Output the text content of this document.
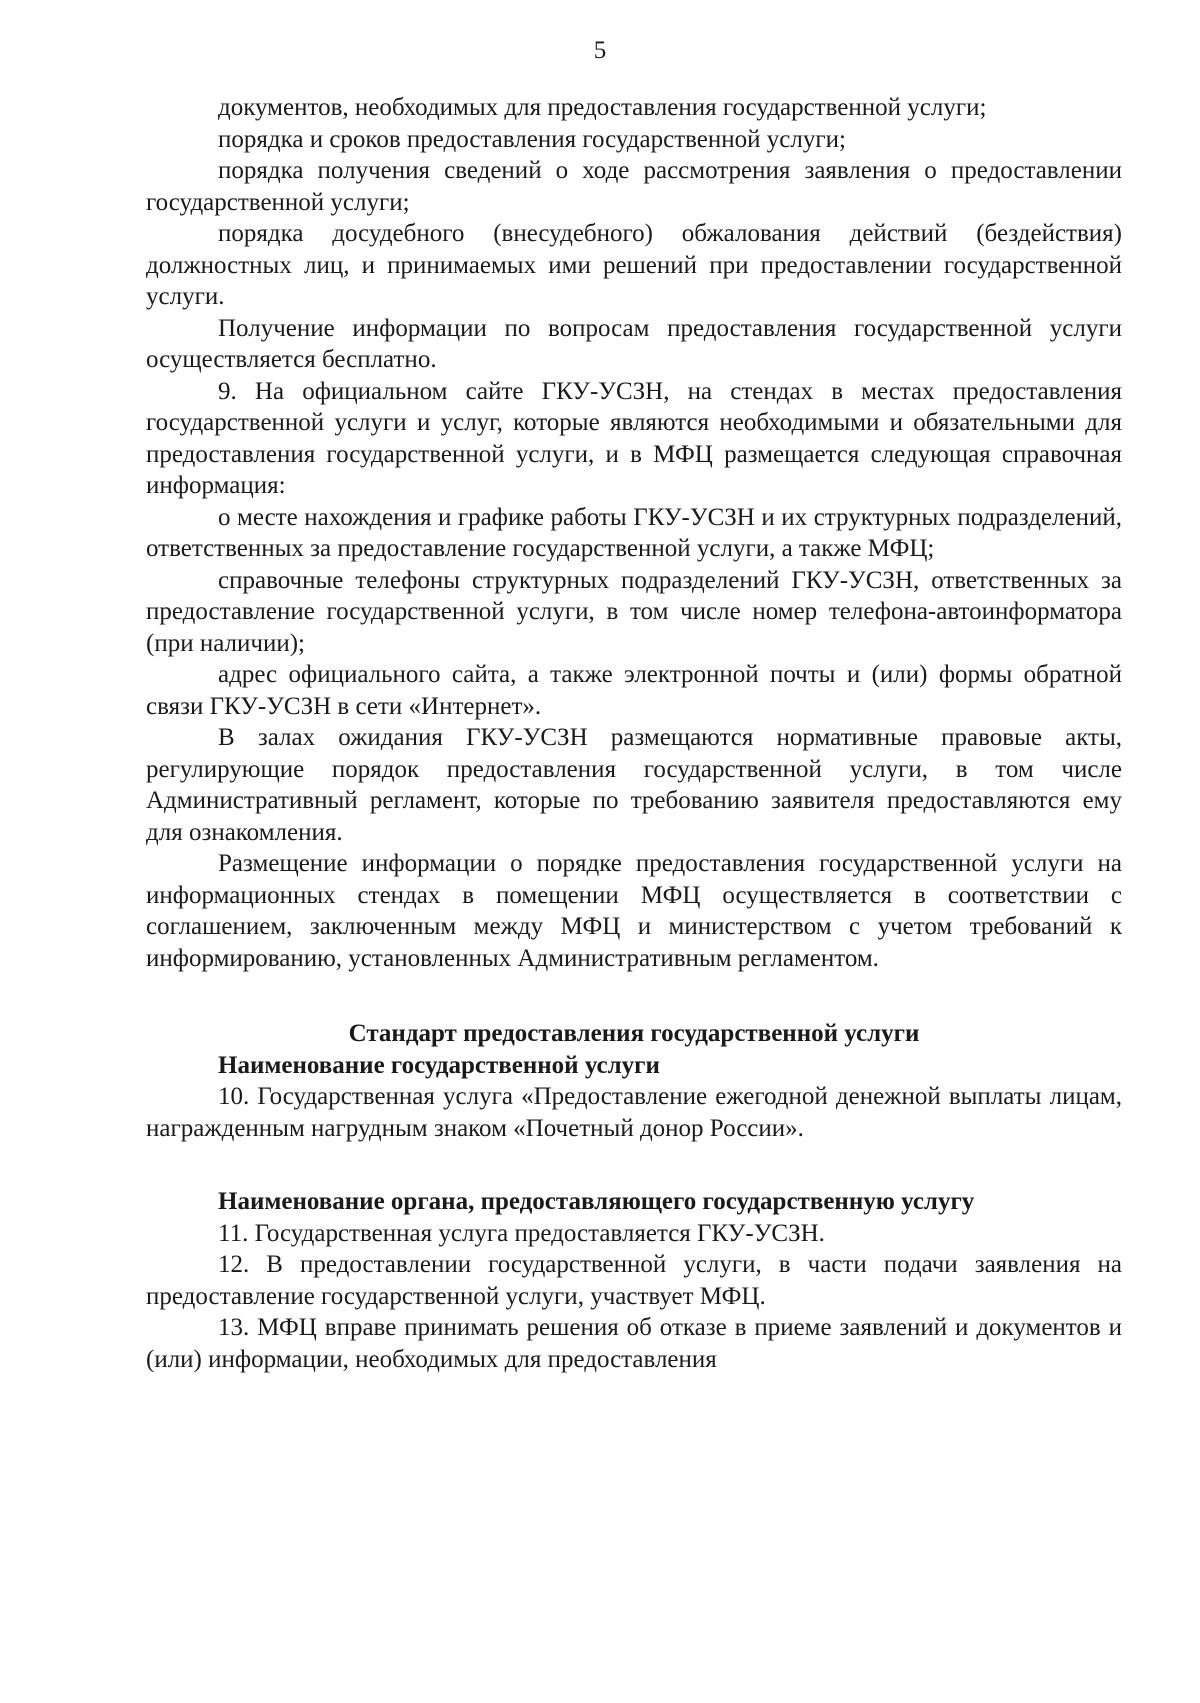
5

документов, необходимых для предоставления государственной услуги;

порядка и сроков предоставления государственной услуги;

порядка получения сведений о ходе рассмотрения заявления о предоставлении государственной услуги;

порядка досудебного (внесудебного) обжалования действий (бездействия) должностных лиц, и принимаемых ими решений при предоставлении государственной услуги.

Получение информации по вопросам предоставления государственной услуги осуществляется бесплатно.

9. На официальном сайте ГКУ-УСЗН, на стендах в местах предоставления государственной услуги и услуг, которые являются необходимыми и обязательными для предоставления государственной услуги, и в МФЦ размещается следующая справочная информация:

о месте нахождения и графике работы ГКУ-УСЗН и их структурных подразделений, ответственных за предоставление государственной услуги, а также МФЦ;

справочные телефоны структурных подразделений ГКУ-УСЗН, ответственных за предоставление государственной услуги, в том числе номер телефона-автоинформатора (при наличии);

адрес официального сайта, а также электронной почты и (или) формы обратной связи ГКУ-УСЗН в сети «Интернет».

В залах ожидания ГКУ-УСЗН размещаются нормативные правовые акты, регулирующие порядок предоставления государственной услуги, в том числе Административный регламент, которые по требованию заявителя предоставляются ему для ознакомления.

Размещение информации о порядке предоставления государственной услуги на информационных стендах в помещении МФЦ осуществляется в соответствии с соглашением, заключенным между МФЦ и министерством с учетом требований к информированию, установленных Административным регламентом.

Стандарт предоставления государственной услуги

Наименование государственной услуги

10. Государственная услуга «Предоставление ежегодной денежной выплаты лицам, награжденным нагрудным знаком «Почетный донор России».

Наименование органа, предоставляющего государственную услугу

11. Государственная услуга предоставляется ГКУ-УСЗН.

12. В предоставлении государственной услуги, в части подачи заявления на предоставление государственной услуги, участвует МФЦ.

13. МФЦ вправе принимать решения об отказе в приеме заявлений и документов и (или) информации, необходимых для предоставления
